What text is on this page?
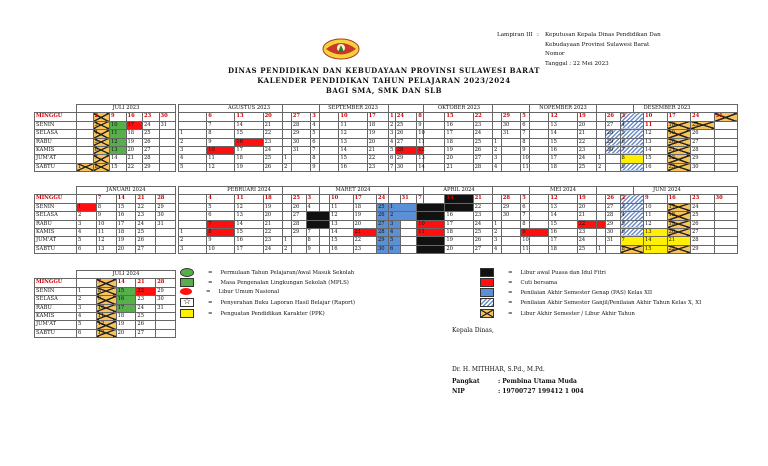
Lampiran III :	Keputusan Kepala Dinas Pendidikan Dan
Kebudayaan Provinsi Sulawesi Barat
Nomor
Tanggal : 22 Mei 2023
DINAS PENDIDIKAN DAN KEBUDAYAAN PROVINSI SULAWESI BARAT
KALENDER PENDIDIKAN TAHUN PELAJARAN 2023/2024
BAGI SMA, SMK DAN SLB
	JULI 2023					
MINGGU		2	9	16	23	30
SENIN		3	10	17	24	31
SELASA		4	11	18	25	
RABU		5	12	19	26	
KAMIS		6	13	20	27	
JUM'AT		7	14	21	28	
SABTU	1	8	15	22	29	
AGUSTUS 2023				
	6	13	20	27
	7	14	21	28
1	8	15	22	29
2	9	16	23	30
3	10	17	24	31
4	11	18	25	
5	12	19	26	
SEPTEMBER 2023				
	3	10	17	24
	4	11	18	25
	5	12	19	26
	6	13	20	27
	7	14	21	28
1	8	15	22	29
2	9	16	23	30
OKTOBER 2023				
1	8	15	22	29
2	9	16	23	30
3	10	17	24	31
4	11	18	25	
5	12	19	26	
6	13	20	27	
7	14	21	28	
NOPEMBER 2023				
	5	12	19	26
	6	13	20	27
	7	14	21	28
1	8	15	22	29
2	9	16	23	30
3	10	17	24	
4	11	18	25	
DESEMBER 2023					
	3	10	17	24	31
	4	11	18	25	
	5	12	19	26	
	6	13	20	27	
	7	14	21	28	
1	8	15	22	29	
2	9	16	23	30	
	JANUARI 2024				
MINGGU		7	14	21	28
SENIN	1	8	15	22	29
SELASA	2	9	16	23	30
RABU	3	10	17	24	31
KAMIS	4	11	18	25	
JUM'AT	5	12	19	26	
SABTU	6	13	20	27	
PEBRUARI 2024				
	4	11	18	25
	5	12	19	26
	6	13	20	27
	7	14	21	28
1	8	15	22	29
2	9	16	23	
3	10	17	24	
MARET 2024					
	3	10	17	24	31
	4	11	18	25	
	5	12	19	26	
	6	13	20	27	
	7	14	21	28	
1	8	15	22	29	
2	9	16	23	30	
APRIL 2024				
	7	14	21	28
1	8	15	22	29
2	9	16	23	30
3	10	17	24	
4	11	18	25	
5	12	19	26	
6	13	20	27	
MEI 2024				
	5	12	19	26
	6	13	20	27
	7	14	21	28
1	8	15	22	29
2	9	16	23	30
3	10	17	24	31
4	11	18	25	
JUNI 2024					
	2	9	16	23	30
	3	10	17	24	
	4	11	18	25	
	5	12	19	26	
	6	13	20	27	
	7	14	21	28	
1	8	15	22	29	
	JULI 2024				
MINGGU		7	14	21	28
SENIN	1	8	15	22	29
SELASA	2	9	16	23	30
RABU	3	10	17	24	31
KAMIS	4	11	18	25	
JUM'AT	5	12	19	26	
SABTU	6	13	20	27	
= Permulaan Tahun Pelajaran/Awal Masuk Sekolah
= Masa Pengenalan Lingkungan Sekolah (MPLS)
= Libur Umum Nasional
☆	= Penyerahan Buku Laporan Hasil Belajar (Raport)
= Penguatan Pendidikan Karakter (PPK)
= Libur awal Puasa dan Idul Fitri
= Cuti bersama
= Penilaian Akhir Semester Genap (PAS) Kelas XII
= Penilaian Akhir Semester Ganjil/Penilaian Akhir Tahun Kelas X, XI
= Libur Akhir Semester / Libur Akhir Tahun
Kepala Dinas,
Dr. H. MITHHAR, S.Pd., M.Pd.
Pangkat	: Pembina Utama Muda
NIP	: 19700727 199412 1 004
